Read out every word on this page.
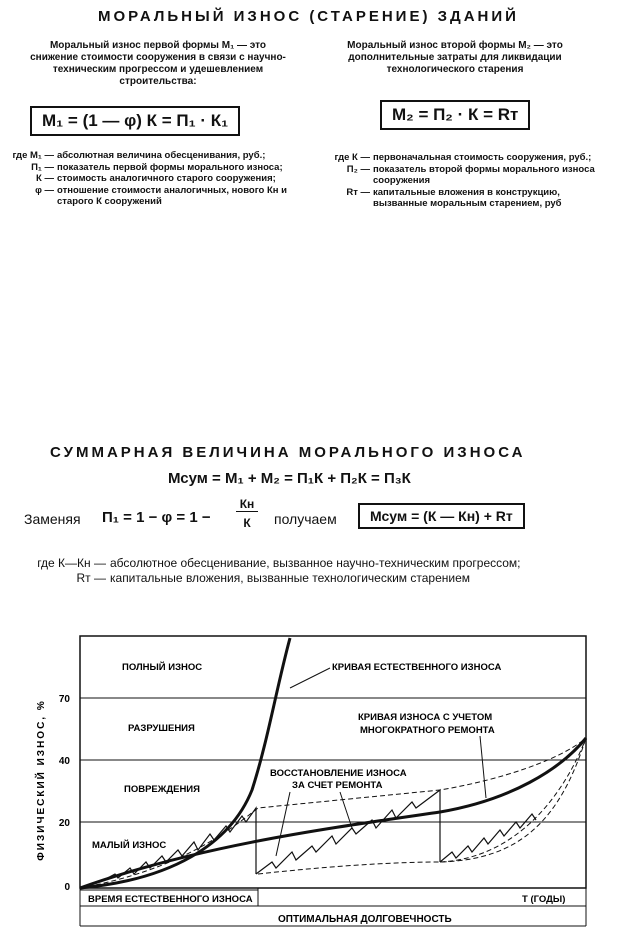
МОРАЛЬНЫЙ ИЗНОС (СТАРЕНИЕ) ЗДАНИЙ
Моральный износ первой формы М₁ — это снижение стоимости сооружения в связи с научно-техническим прогрессом и удешевлением строительства:
М₁ = (1 — φ) К = П₁ · К₁
где М₁ — абсолютная величина обесценивания, руб.;
П₁ — показатель первой формы морального износа;
К — стоимость аналогичного старого сооружения;
φ — отношение стоимости аналогичных, нового Кн и старого К сооружений
Моральный износ второй формы М₂ — это дополнительные затраты для ликвидации технологического старения
М₂ = П₂ · К = Rт
где К — первоначальная стоимость сооружения, руб.;
П₂ — показатель второй формы морального износа сооружения
Rт — капитальные вложения в конструкцию, вызванные моральным старением, руб
СУММАРНАЯ ВЕЛИЧИНА МОРАЛЬНОГО ИЗНОСА
Мсум = М₁ + М₂ = П₁К + П₂К = П₃К
Заменяя П₁ = 1 − φ = 1 −
Кн
К	получаем	Мсум = (К — Кн) + Rт
где К—Кн — абсолютное обесценивание, вызванное научно-техническим прогрессом;
Rт — капитальные вложения, вызванные технологическим старением
ФИЗИЧЕСКИЙ ИЗНОС, % 70
40
20
0
ПОЛНЫЙ ИЗНОС
РАЗРУШЕНИЯ
ПОВРЕЖДЕНИЯ
МАЛЫЙ ИЗНОС
КРИВАЯ ЕСТЕСТВЕННОГО ИЗНОСА
КРИВАЯ ИЗНОСА С УЧЕТОМ
МНОГОКРАТНОГО РЕМОНТА
ВОССТАНОВЛЕНИЕ ИЗНОСА
ЗА СЧЕТ РЕМОНТА
ВРЕМЯ ЕСТЕСТВЕННОГО ИЗНОСА	Т (ГОДЫ)
ОПТИМАЛЬНАЯ ДОЛГОВЕЧНОСТЬ
